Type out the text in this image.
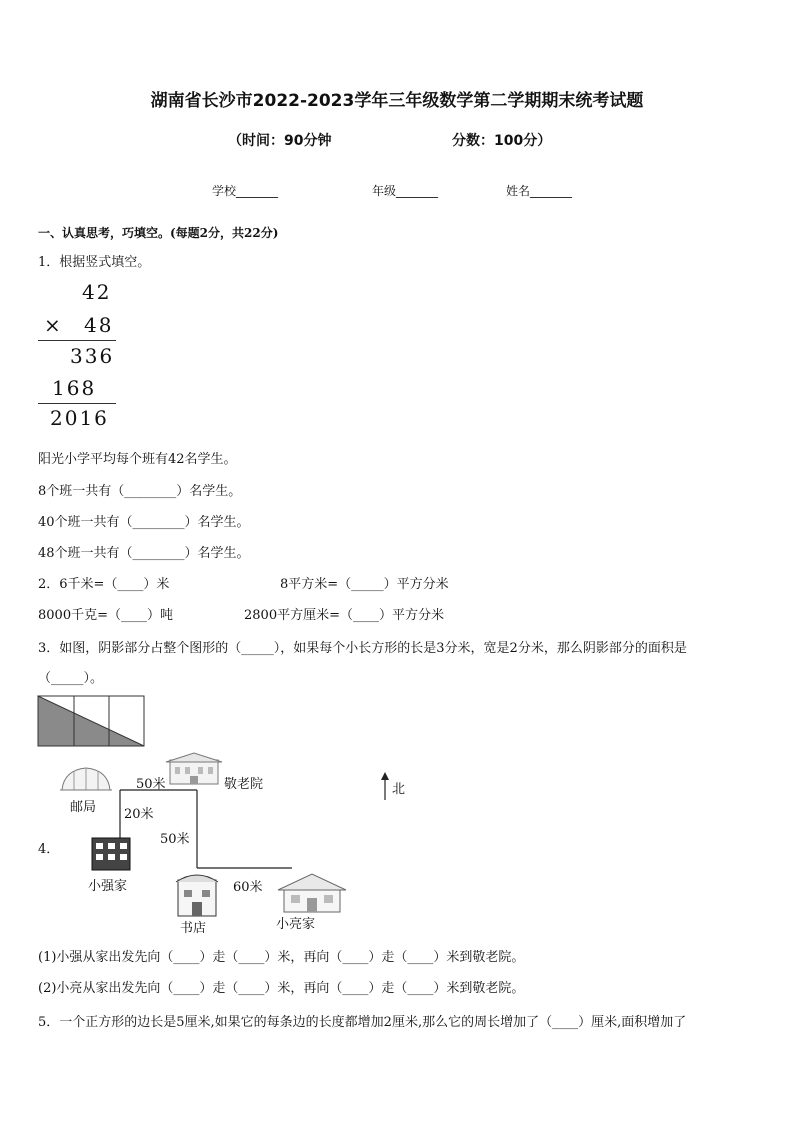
湖南省长沙市2022-2023学年三年级数学第二学期期末统考试题
（时间：90分钟	分数：100分）
学校_______	年级_______	姓名_______
一、认真思考，巧填空。(每题2分，共22分)
1．根据竖式填空。
42
× 48
336
168
2016
阳光小学平均每个班有42名学生。
8个班一共有（________）名学生。
40个班一共有（________）名学生。
48个班一共有（________）名学生。
2．6千米=（____）米	8平方米=（_____）平方分米
8000千克=（____）吨	2800平方厘米=（____）平方分米
3．如图，阴影部分占整个图形的（_____），如果每个小长方形的长是3分米，宽是2分米，那么阴影部分的面积是
（_____）。
4．
邮局
50米	敬老院	北
20米
50米
小强家	60米
书店	小亮家
(1)小强从家出发先向（____）走（____）米，再向（____）走（____）米到敬老院。
(2)小亮从家出发先向（____）走（____）米，再向（____）走（____）米到敬老院。
5．一个正方形的边长是5厘米,如果它的每条边的长度都增加2厘米,那么它的周长增加了（____）厘米,面积增加了
